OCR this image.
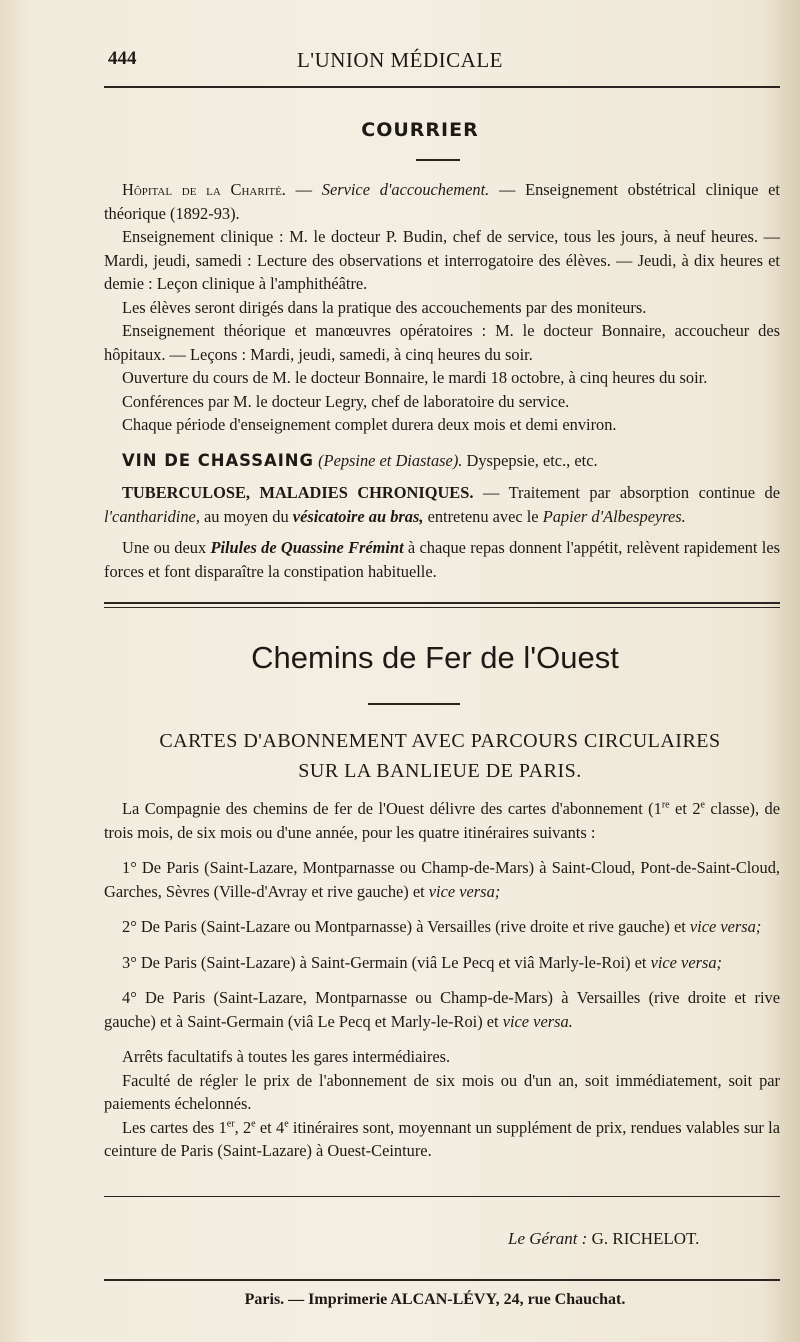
L'UNION MÉDICALE
444
COURRIER

Hôpital de la Charité. — Service d'accouchement. — Enseignement obstétrical clinique et théorique (1892-93).

Enseignement clinique : M. le docteur P. Budin, chef de service, tous les jours, à neuf heures. — Mardi, jeudi, samedi : Lecture des observations et interrogatoire des élèves. — Jeudi, à dix heures et demie : Leçon clinique à l'amphithéâtre.

Les élèves seront dirigés dans la pratique des accouchements par des moniteurs.

Enseignement théorique et manœuvres opératoires : M. le docteur Bonnaire, accoucheur des hôpitaux. — Leçons : Mardi, jeudi, samedi, à cinq heures du soir.

Ouverture du cours de M. le docteur Bonnaire, le mardi 18 octobre, à cinq heures du soir.

Conférences par M. le docteur Legry, chef de laboratoire du service.

Chaque période d'enseignement complet durera deux mois et demi environ.

VIN DE CHASSAING (Pepsine et Diastase). Dyspepsie, etc., etc.

TUBERCULOSE, MALADIES CHRONIQUES. — Traitement par absorption continue de l'cantharidine, au moyen du vésicatoire au bras, entretenu avec le Papier d'Albespeyres.

Une ou deux Pilules de Quassine Frémint à chaque repas donnent l'appétit, relèvent rapidement les forces et font disparaître la constipation habituelle.

Chemins de Fer de l'Ouest
CARTES D'ABONNEMENT AVEC PARCOURS CIRCULAIRES
SUR LA BANLIEUE DE PARIS.

La Compagnie des chemins de fer de l'Ouest délivre des cartes d'abonnement (1re et 2e classe), de trois mois, de six mois ou d'une année, pour les quatre itinéraires suivants :

1° De Paris (Saint-Lazare, Montparnasse ou Champ-de-Mars) à Saint-Cloud, Pont-de-Saint-Cloud, Garches, Sèvres (Ville-d'Avray et rive gauche) et vice versa;

2° De Paris (Saint-Lazare ou Montparnasse) à Versailles (rive droite et rive gauche) et vice versa;

3° De Paris (Saint-Lazare) à Saint-Germain (viâ Le Pecq et viâ Marly-le-Roi) et vice versa;

4° De Paris (Saint-Lazare, Montparnasse ou Champ-de-Mars) à Versailles (rive droite et rive gauche) et à Saint-Germain (viâ Le Pecq et Marly-le-Roi) et vice versa.

Arrêts facultatifs à toutes les gares intermédiaires.

Faculté de régler le prix de l'abonnement de six mois ou d'un an, soit immédiatement, soit par paiements échelonnés.

Les cartes des 1er, 2e et 4e itinéraires sont, moyennant un supplément de prix, rendues valables sur la ceinture de Paris (Saint-Lazare) à Ouest-Ceinture.

Le Gérant : G. RICHELOT.
Paris. — Imprimerie ALCAN-LÉVY, 24, rue Chauchat.
